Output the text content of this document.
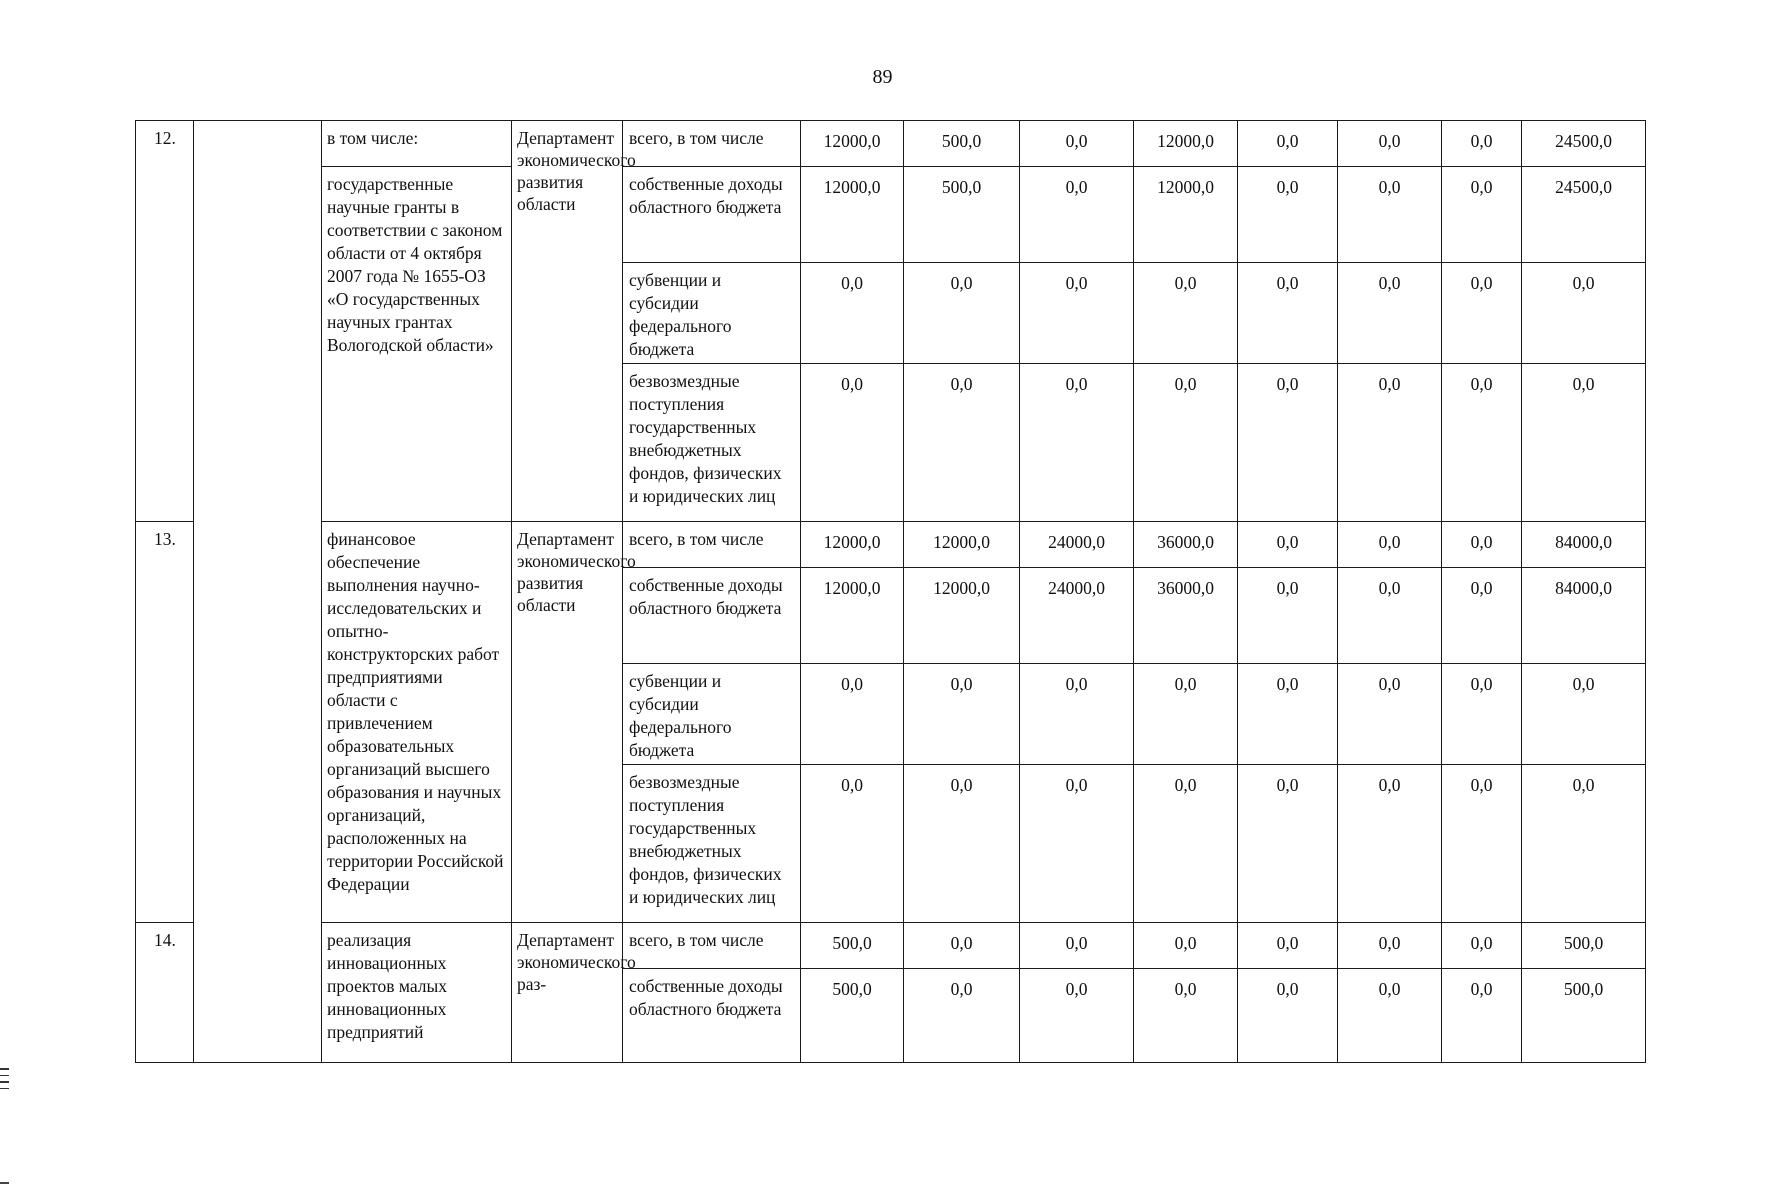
89
12.		в том числе:	Департамент экономического развития области	всего, в том числе	12000,0	500,0	0,0	12000,0	0,0	0,0	0,0	24500,0
		государственные научные гранты в соответствии с законом области от 4 октября 2007 года № 1655-ОЗ «О государственных научных грантах Вологодской области»		собственные доходы областного бюджета	12000,0	500,0	0,0	12000,0	0,0	0,0	0,0	24500,0
				субвенции и субсидии федерального бюджета	0,0	0,0	0,0	0,0	0,0	0,0	0,0	0,0
				безвозмездные поступления государственных внебюджетных фондов, физических и юридических лиц	0,0	0,0	0,0	0,0	0,0	0,0	0,0	0,0
13.		финансовое обеспечение выполнения научно-исследовательских и опытно-конструкторских работ предприятиями области с привлечением образовательных организаций высшего образования и научных организаций, расположенных на территории Российской Федерации	Департамент экономического развития области	всего, в том числе	12000,0	12000,0	24000,0	36000,0	0,0	0,0	0,0	84000,0
				собственные доходы областного бюджета	12000,0	12000,0	24000,0	36000,0	0,0	0,0	0,0	84000,0
				субвенции и субсидии федерального бюджета	0,0	0,0	0,0	0,0	0,0	0,0	0,0	0,0
				безвозмездные поступления государственных внебюджетных фондов, физических и юридических лиц	0,0	0,0	0,0	0,0	0,0	0,0	0,0	0,0
14.		реализация инновационных проектов малых инновационных предприятий	Департамент экономического раз-	всего, в том числе	500,0	0,0	0,0	0,0	0,0	0,0	0,0	500,0
				собственные доходы областного бюджета	500,0	0,0	0,0	0,0	0,0	0,0	0,0	500,0
